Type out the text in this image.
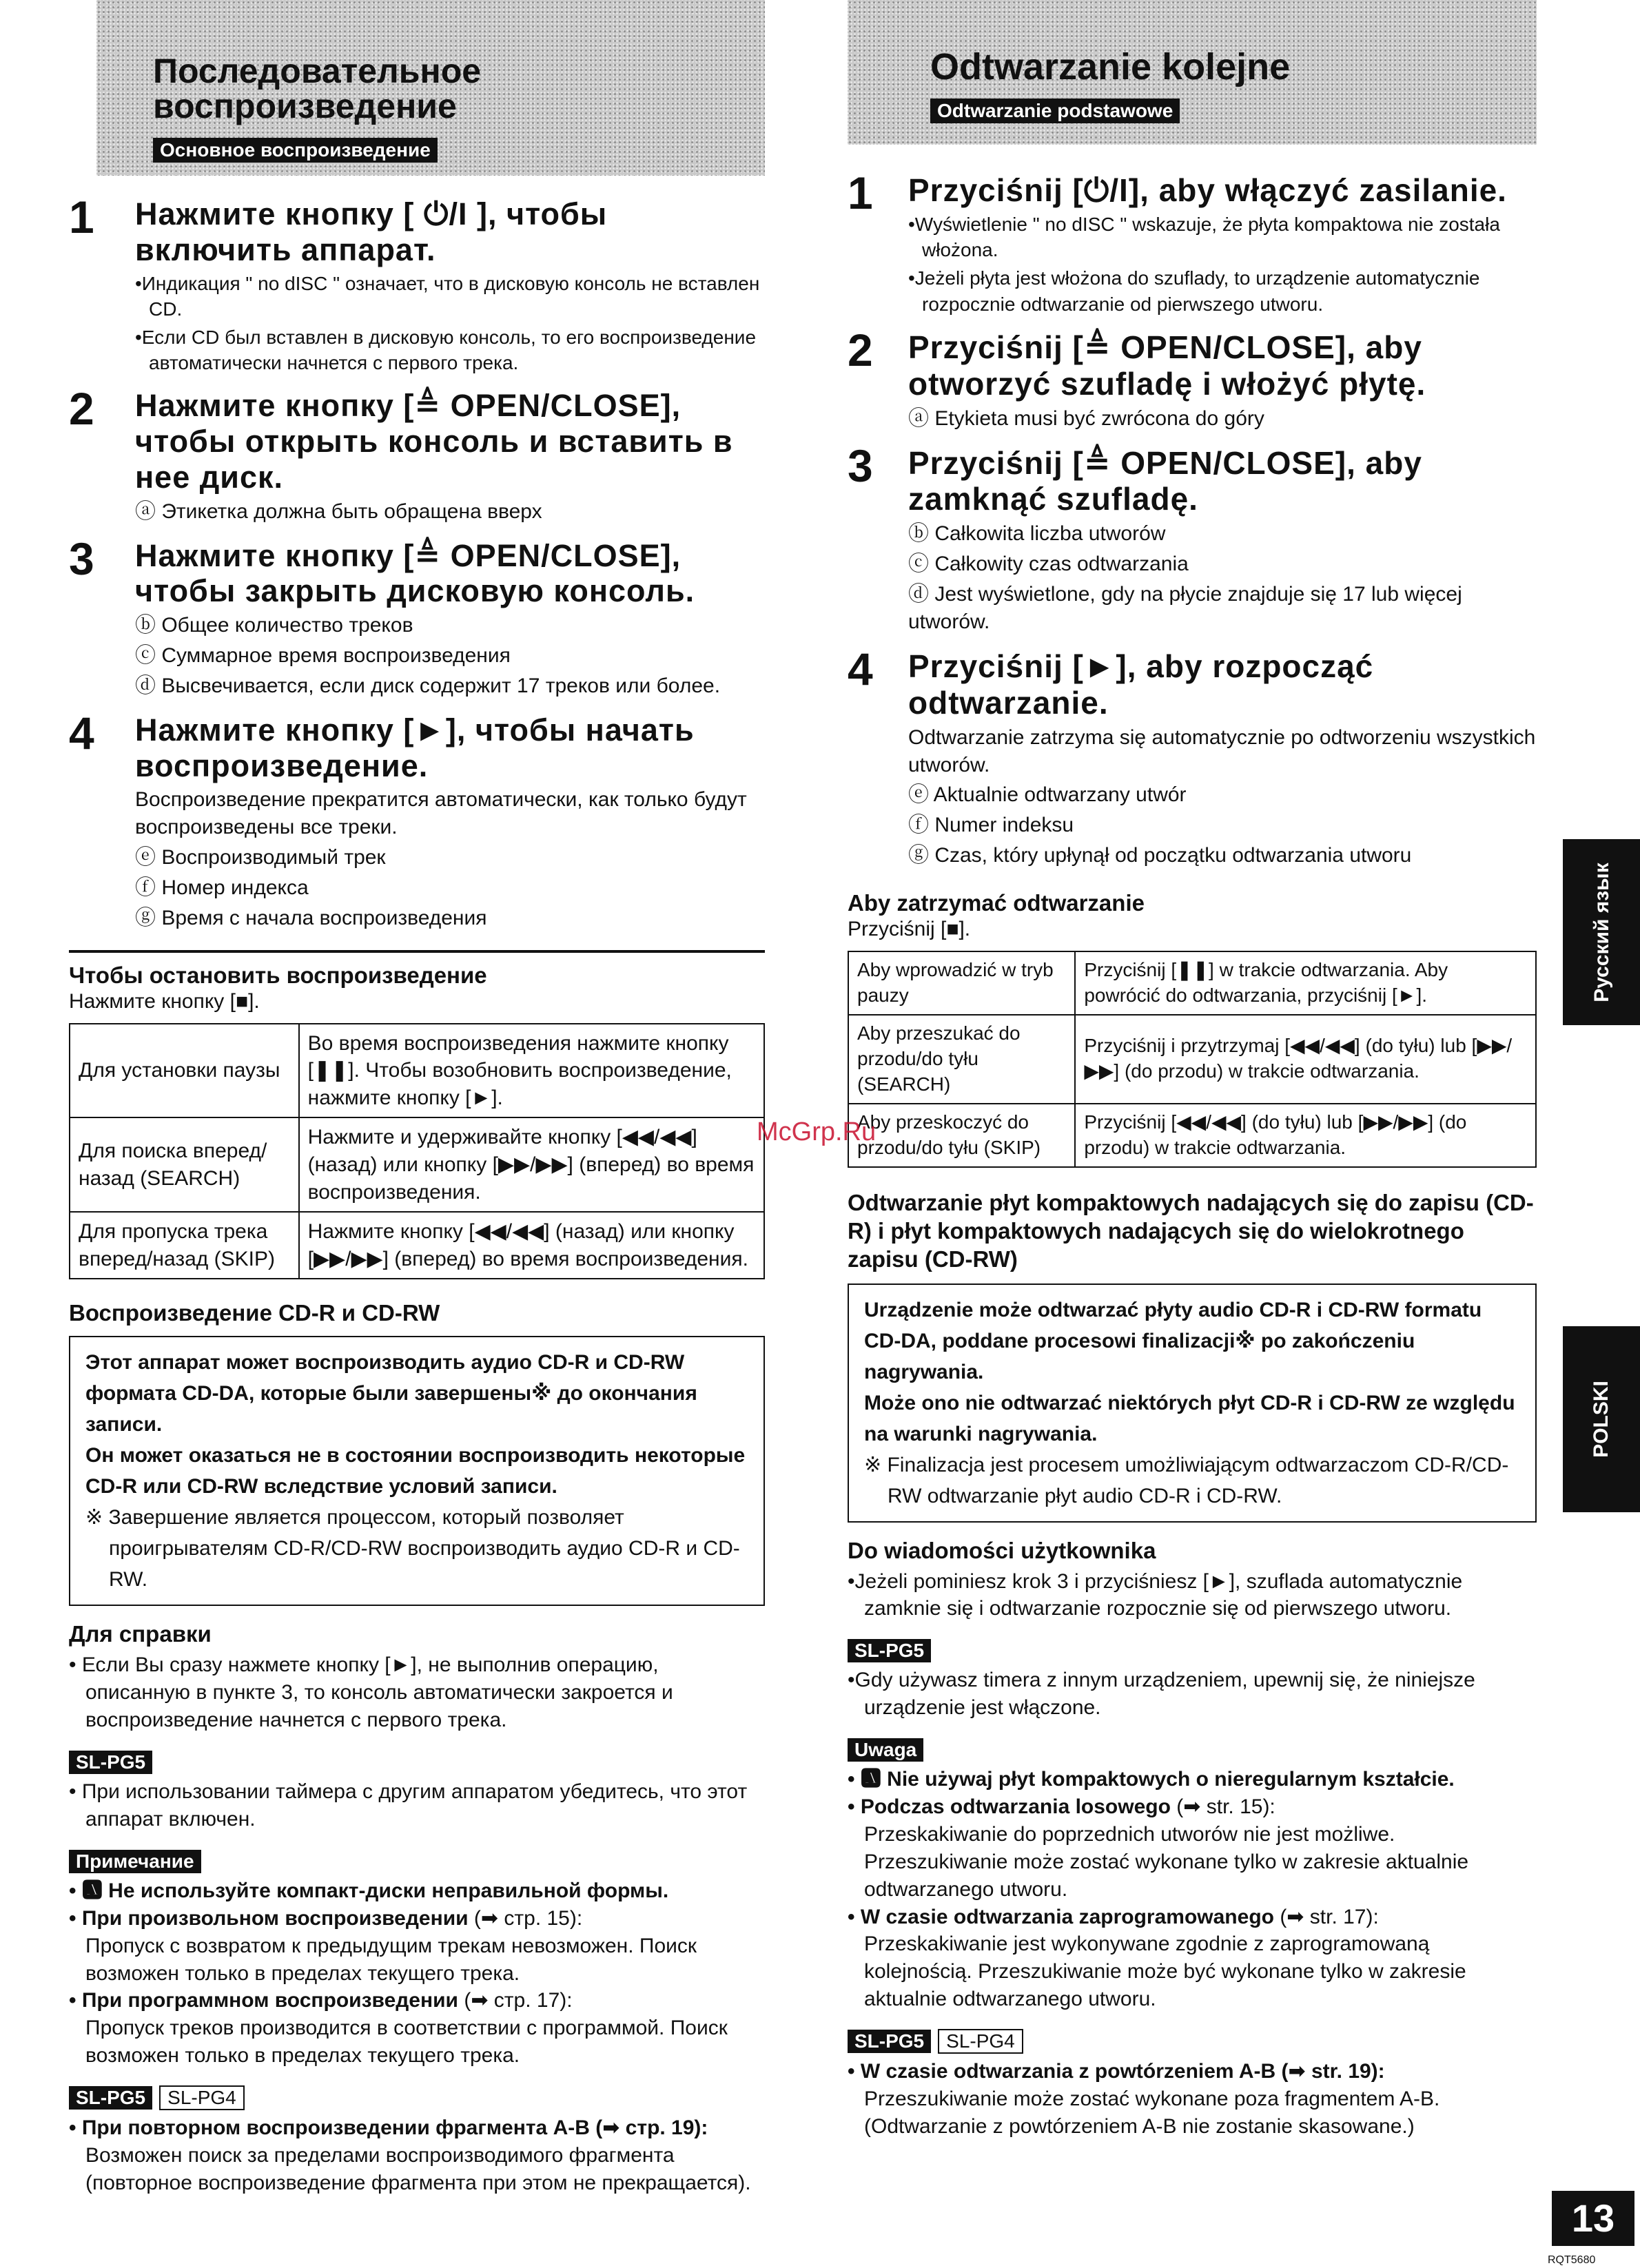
Последовательное
воспроизведение
Основное воспроизведение
1 Нажмите кнопку [ ⏻/I ], чтобы включить аппарат.
•Индикация " no dISC " означает, что в дисковую консоль не вставлен CD.
•Если CD был вставлен в дисковую консоль, то его воспроизведение автоматически начнется с первого трека.
2 Нажмите кнопку [≜ OPEN/CLOSE], чтобы открыть консоль и вставить в нее диск.
ⓐ Этикетка должна быть обращена вверх
3 Нажмите кнопку [≜ OPEN/CLOSE], чтобы закрыть дисковую консоль.
ⓑ Общее количество треков
ⓒ Суммарное время воспроизведения
ⓓ Высвечивается, если диск содержит 17 треков или более.
4 Нажмите кнопку [►], чтобы начать воспроизведение.
Воспроизведение прекратится автоматически, как только будут воспроизведены все треки.
ⓔ Воспроизводимый трек
ⓕ Номер индекса
ⓖ Время с начала воспроизведения
Чтобы остановить воспроизведение
Нажмите кнопку [■].
Для установки паузы	Во время воспроизведения нажмите кнопку [❚❚]. Чтобы возобновить воспроизведение, нажмите кнопку [►].
Для поиска вперед/ назад (SEARCH)	Нажмите и удерживайте кнопку [◀◀/◀◀] (назад) или кнопку [▶▶/▶▶] (вперед) во время воспроизведения.
Для пропуска трека вперед/назад (SKIP)	Нажмите кнопку [◀◀/◀◀] (назад) или кнопку [▶▶/▶▶] (вперед) во время воспроизведения.
Воспроизведение CD-R и CD-RW
Этот аппарат может воспроизводить аудио CD-R и CD-RW формата CD-DA, которые были завершены※ до окончания записи.
Он может оказаться не в состоянии воспроизводить некоторые CD-R или CD-RW вследствие условий записи.
※ Завершение является процессом, который позволяет проигрывателям CD-R/CD-RW воспроизводить аудио CD-R и CD-RW.
Для справки
• Если Вы сразу нажмете кнопку [►], не выполнив операцию, описанную в пункте 3, то консоль автоматически закроется и воспроизведение начнется с первого трека.
SL-PG5
• При использовании таймера с другим аппаратом убедитесь, что этот аппарат включен.
Примечание
• 🅰 Не используйте компакт-диски неправильной формы.
• При произвольном воспроизведении (➡ стр. 15):
Пропуск с возвратом к предыдущим трекам невозможен. Поиск возможен только в пределах текущего трека.
• При программном воспроизведении (➡ стр. 17):
Пропуск треков производится в соответствии с программой. Поиск возможен только в пределах текущего трека.
SL-PG5 SL-PG4
• При повторном воспроизведении фрагмента A-B (➡ стр. 19):
Возможен поиск за пределами воспроизводимого фрагмента (повторное воспроизведение фрагмента при этом не прекращается).
Odtwarzanie kolejne
Odtwarzanie podstawowe
1 Przyciśnij [⏻/I], aby włączyć zasilanie.
•Wyświetlenie " no dISC " wskazuje, że płyta kompaktowa nie została włożona.
•Jeżeli płyta jest włożona do szuflady, to urządzenie automatycznie rozpocznie odtwarzanie od pierwszego utworu.
2 Przyciśnij [≜ OPEN/CLOSE], aby otworzyć szufladę i włożyć płytę.
ⓐ Etykieta musi być zwrócona do góry
3 Przyciśnij [≜ OPEN/CLOSE], aby zamknąć szufladę.
ⓑ Całkowita liczba utworów
ⓒ Całkowity czas odtwarzania
ⓓ Jest wyświetlone, gdy na płycie znajduje się 17 lub więcej utworów.
4 Przyciśnij [►], aby rozpocząć odtwarzanie.
Odtwarzanie zatrzyma się automatycznie po odtworzeniu wszystkich utworów.
ⓔ Aktualnie odtwarzany utwór
ⓕ Numer indeksu
ⓖ Czas, który upłynął od początku odtwarzania utworu
Aby zatrzymać odtwarzanie
Przyciśnij [■].
Aby wprowadzić w tryb pauzy	Przyciśnij [❚❚] w trakcie odtwarzania. Aby powrócić do odtwarzania, przyciśnij [►].
Aby przeszukać do przodu/do tyłu (SEARCH)	Przyciśnij i przytrzymaj [◀◀/◀◀] (do tyłu) lub [▶▶/▶▶] (do przodu) w trakcie odtwarzania.
Aby przeskoczyć do przodu/do tyłu (SKIP)	Przyciśnij [◀◀/◀◀] (do tyłu) lub [▶▶/▶▶] (do przodu) w trakcie odtwarzania.
Odtwarzanie płyt kompaktowych nadających się do zapisu (CD-R) i płyt kompaktowych nadających się do wielokrotnego zapisu (CD-RW)
Urządzenie może odtwarzać płyty audio CD-R i CD-RW formatu CD-DA, poddane procesowi finalizacji※ po zakończeniu nagrywania.
Może ono nie odtwarzać niektórych płyt CD-R i CD-RW ze względu na warunki nagrywania.
※ Finalizacja jest procesem umożliwiającym odtwarzaczom CD-R/CD-RW odtwarzanie płyt audio CD-R i CD-RW.
Do wiadomości użytkownika
•Jeżeli pominiesz krok 3 i przyciśniesz [►], szuflada automatycznie zamknie się i odtwarzanie rozpocznie się od pierwszego utworu.
SL-PG5
•Gdy używasz timera z innym urządzeniem, upewnij się, że niniejsze urządzenie jest włączone.
Uwaga
• 🅰 Nie używaj płyt kompaktowych o nieregularnym kształcie.
• Podczas odtwarzania losowego (➡ str. 15):
Przeskakiwanie do poprzednich utworów nie jest możliwe. Przeszukiwanie może zostać wykonane tylko w zakresie aktualnie odtwarzanego utworu.
• W czasie odtwarzania zaprogramowanego (➡ str. 17):
Przeskakiwanie jest wykonywane zgodnie z zaprogramowaną kolejnością. Przeszukiwanie może być wykonane tylko w zakresie aktualnie odtwarzanego utworu.
SL-PG5 SL-PG4
• W czasie odtwarzania z powtórzeniem A-B (➡ str. 19):
Przeszukiwanie może zostać wykonane poza fragmentem A-B. (Odtwarzanie z powtórzeniem A-B nie zostanie skasowane.)
Русский язык
POLSKI
13
RQT5680
McGrp.Ru
